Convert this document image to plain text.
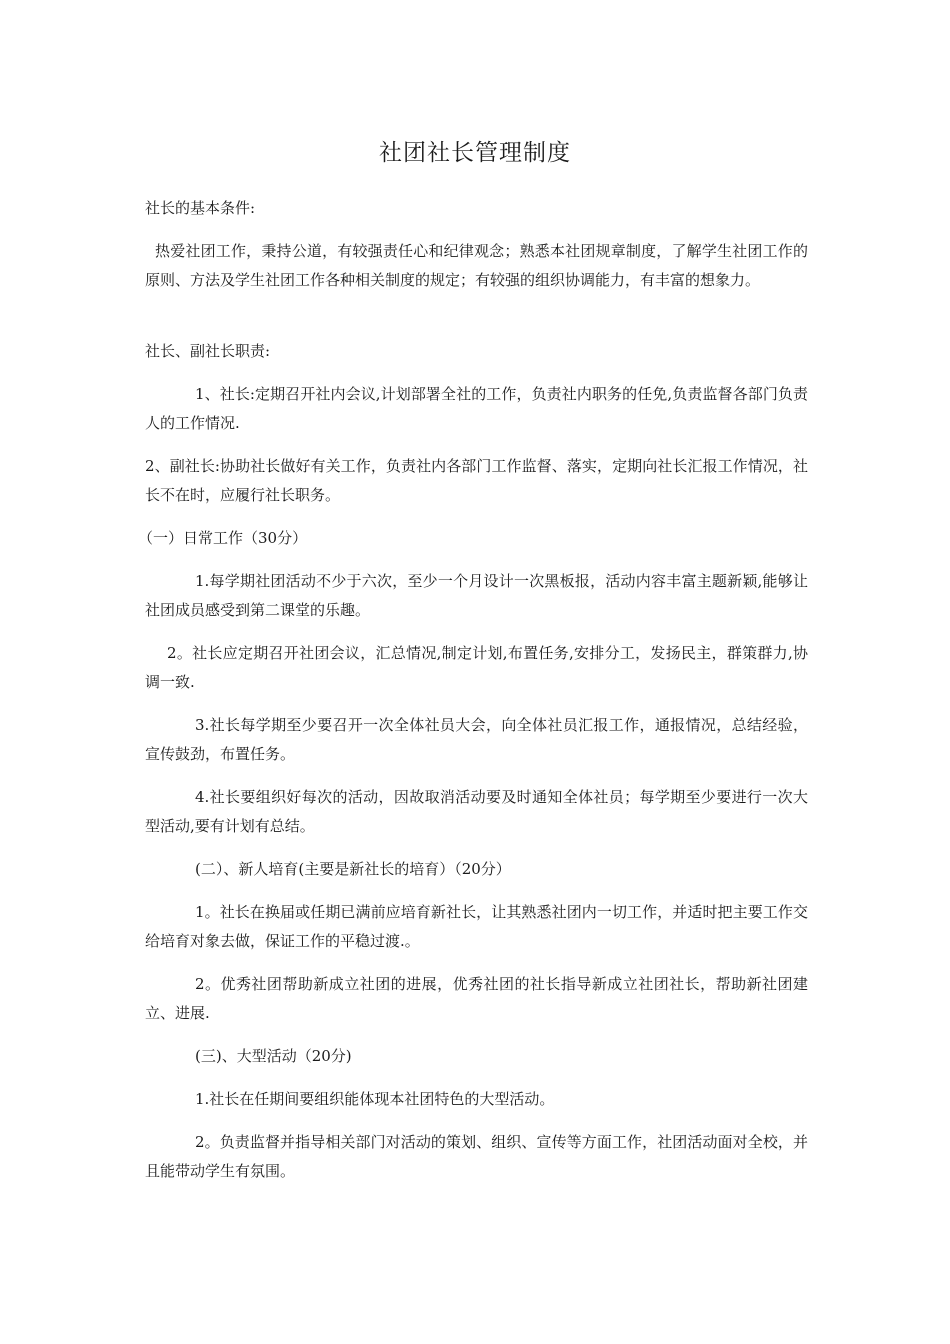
社团社长管理制度
社长的基本条件:
热爱社团工作，秉持公道，有较强责任心和纪律观念；熟悉本社团规章制度，了解学生社团工作的原则、方法及学生社团工作各种相关制度的规定；有较强的组织协调能力，有丰富的想象力。
社长、副社长职责:
1、社长:定期召开社内会议,计划部署全社的工作，负责社内职务的任免,负责监督各部门负责人的工作情况.
2、副社长:协助社长做好有关工作，负责社内各部门工作监督、落实，定期向社长汇报工作情况，社长不在时，应履行社长职务。
（一）日常工作（30分）
1.每学期社团活动不少于六次，至少一个月设计一次黑板报，活动内容丰富主题新颖,能够让社团成员感受到第二课堂的乐趣。
2。社长应定期召开社团会议，汇总情况,制定计划,布置任务,安排分工，发扬民主，群策群力,协调一致.
3.社长每学期至少要召开一次全体社员大会，向全体社员汇报工作，通报情况，总结经验，宣传鼓劲，布置任务。
4.社长要组织好每次的活动，因故取消活动要及时通知全体社员；每学期至少要进行一次大型活动,要有计划有总结。
(二）、新人培育(主要是新社长的培育）（20分）
1。社长在换届或任期已满前应培育新社长，让其熟悉社团内一切工作，并适时把主要工作交给培育对象去做，保证工作的平稳过渡.。
2。优秀社团帮助新成立社团的进展，优秀社团的社长指导新成立社团社长，帮助新社团建立、进展.
(三)、大型活动（20分)
1.社长在任期间要组织能体现本社团特色的大型活动。
2。负责监督并指导相关部门对活动的策划、组织、宣传等方面工作，社团活动面对全校，并且能带动学生有氛围。
